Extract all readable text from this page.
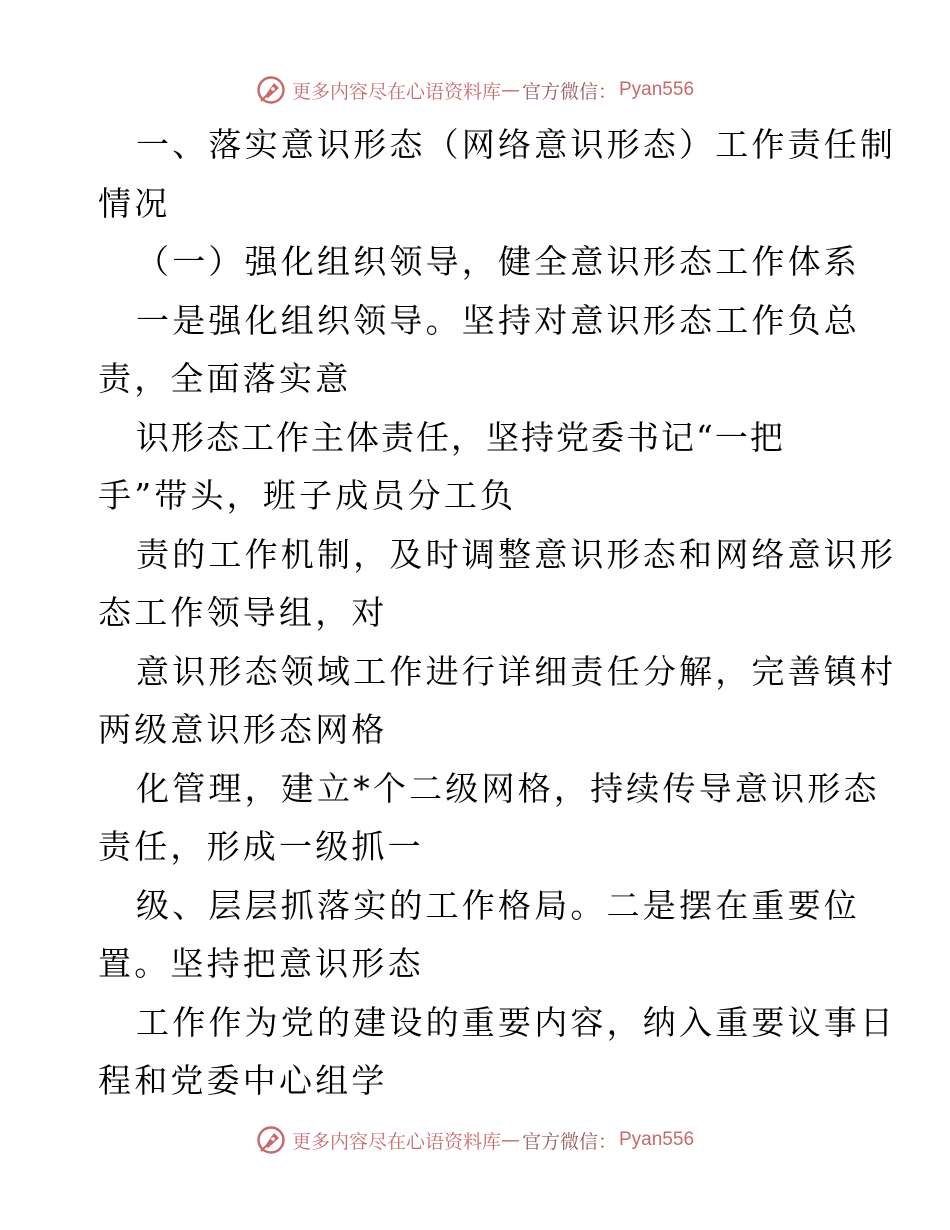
更多内容尽在心语资料库 — 官方微信： Pyan556
一、落实意识形态（网络意识形态）工作责任制
情况
（一）强化组织领导，健全意识形态工作体系
一是强化组织领导。坚持对意识形态工作负总
责，全面落实意
识形态工作主体责任，坚持党委书记“一把
手”带头，班子成员分工负
责的工作机制，及时调整意识形态和网络意识形
态工作领导组，对
意识形态领域工作进行详细责任分解，完善镇村
两级意识形态网格
化管理，建立*个二级网格，持续传导意识形态
责任，形成一级抓一
级、层层抓落实的工作格局。二是摆在重要位
置。坚持把意识形态
工作作为党的建设的重要内容，纳入重要议事日
程和党委中心组学
更多内容尽在心语资料库 — 官方微信： Pyan556
